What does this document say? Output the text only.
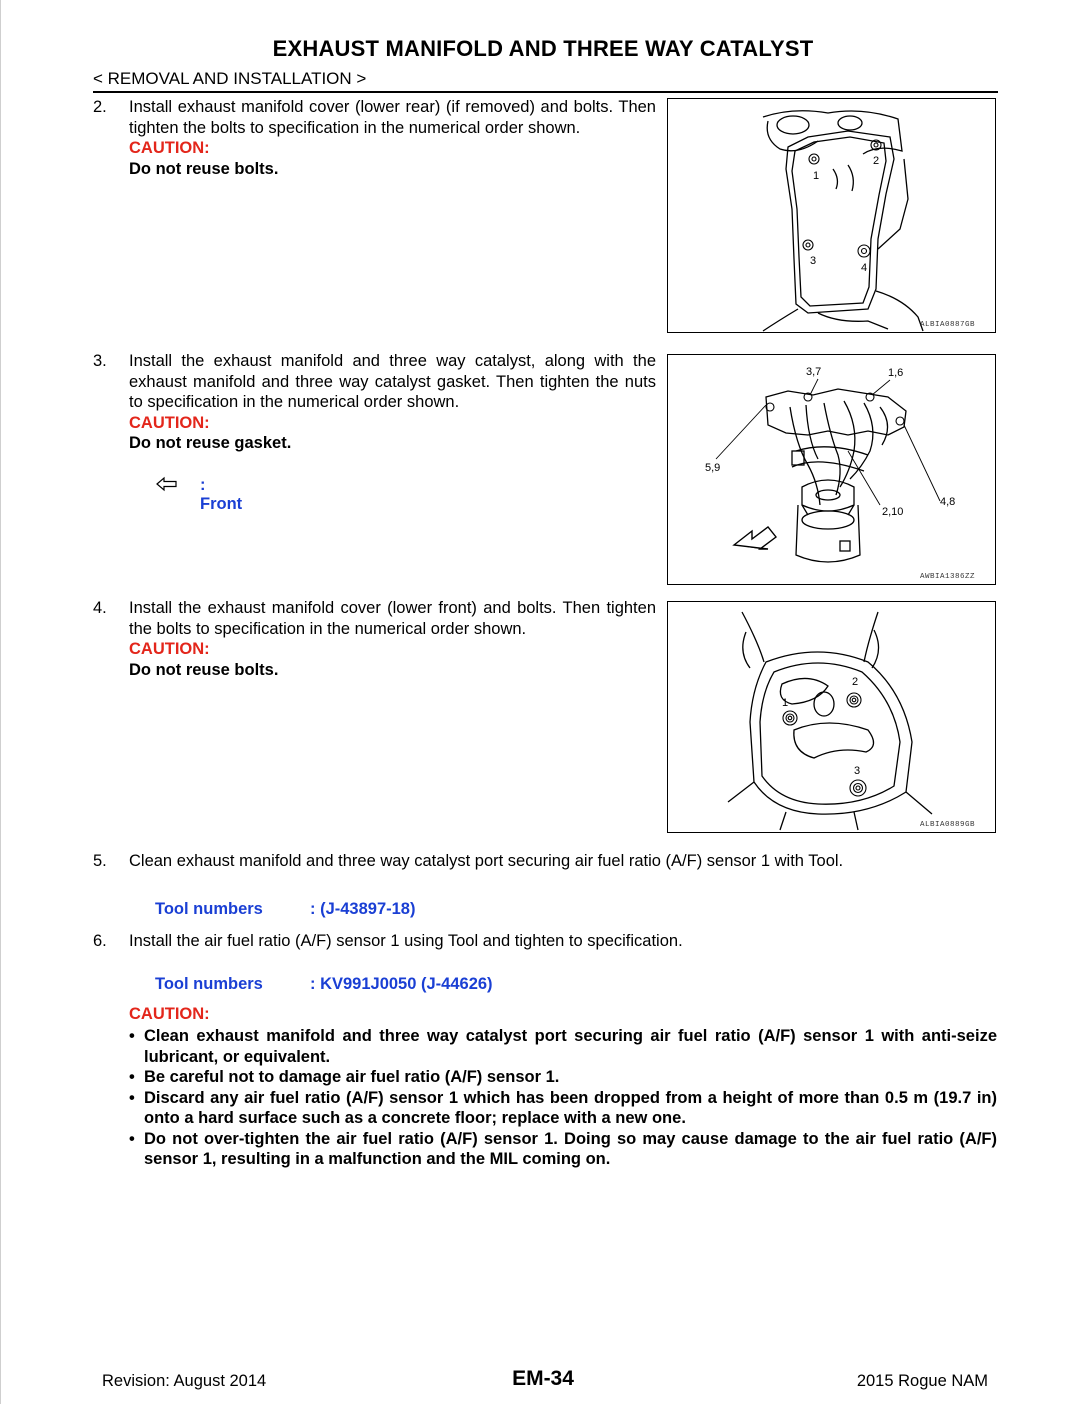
EXHAUST MANIFOLD AND THREE WAY CATALYST
< REMOVAL AND INSTALLATION >
2. Install exhaust manifold cover (lower rear) (if removed) and bolts. Then tighten the bolts to specification in the numerical order shown.
CAUTION:
Do not reuse bolts.	1
2
3
4
ALBIA0887GB
3. Install the exhaust manifold and three way catalyst, along with the exhaust manifold and three way catalyst gasket. Then tighten the nuts to specification in the numerical order shown.
CAUTION:
Do not reuse gasket.
: Front
3,7	1,6
5,9
2,10
4,8
AWBIA1386ZZ
4. Install the exhaust manifold cover (lower front) and bolts. Then tighten the bolts to specification in the numerical order shown.
CAUTION:
Do not reuse bolts.
1
2
3
ALBIA0889GB
5. Clean exhaust manifold and three way catalyst port securing air fuel ratio (A/F) sensor 1 with Tool.
Tool numbers	: (J-43897-18)
6. Install the air fuel ratio (A/F) sensor 1 using Tool and tighten to specification.
Tool numbers	: KV991J0050 (J-44626)
CAUTION:
• Clean exhaust manifold and three way catalyst port securing air fuel ratio (A/F) sensor 1 with anti-seize lubricant, or equivalent.
• Be careful not to damage air fuel ratio (A/F) sensor 1.
• Discard any air fuel ratio (A/F) sensor 1 which has been dropped from a height of more than 0.5 m (19.7 in) onto a hard surface such as a concrete floor; replace with a new one.
• Do not over-tighten the air fuel ratio (A/F) sensor 1. Doing so may cause damage to the air fuel ratio (A/F) sensor 1, resulting in a malfunction and the MIL coming on.
Revision: August 2014	EM-34	2015 Rogue NAM
